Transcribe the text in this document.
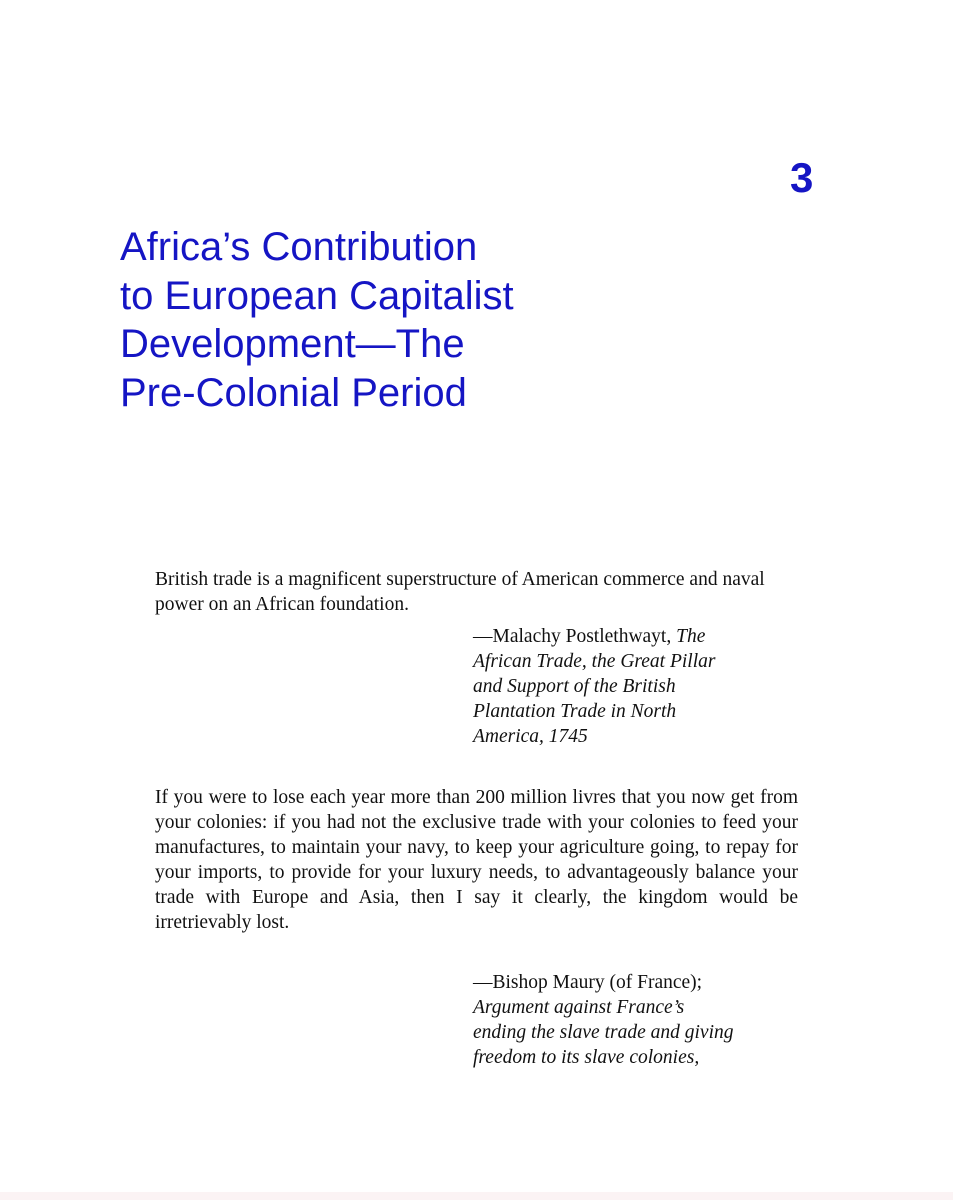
3
Africa’s Contribution
to European Capitalist
Development—The
Pre-Colonial Period

British trade is a magnificent superstructure of American commerce and naval power on an African foundation.

—Malachy Postlethwayt, The
African Trade, the Great Pillar
and Support of the British
Plantation Trade in North
America, 1745

If you were to lose each year more than 200 million livres that you now get from your colonies: if you had not the exclusive trade with your colonies to feed your manufactures, to maintain your navy, to keep your agriculture going, to repay for your imports, to provide for your luxury needs, to advantageously balance your trade with Europe and Asia, then I say it clearly, the kingdom would be irretrievably lost.

—Bishop Maury (of France);
Argument against France’s
ending the slave trade and giving
freedom to its slave colonies,
